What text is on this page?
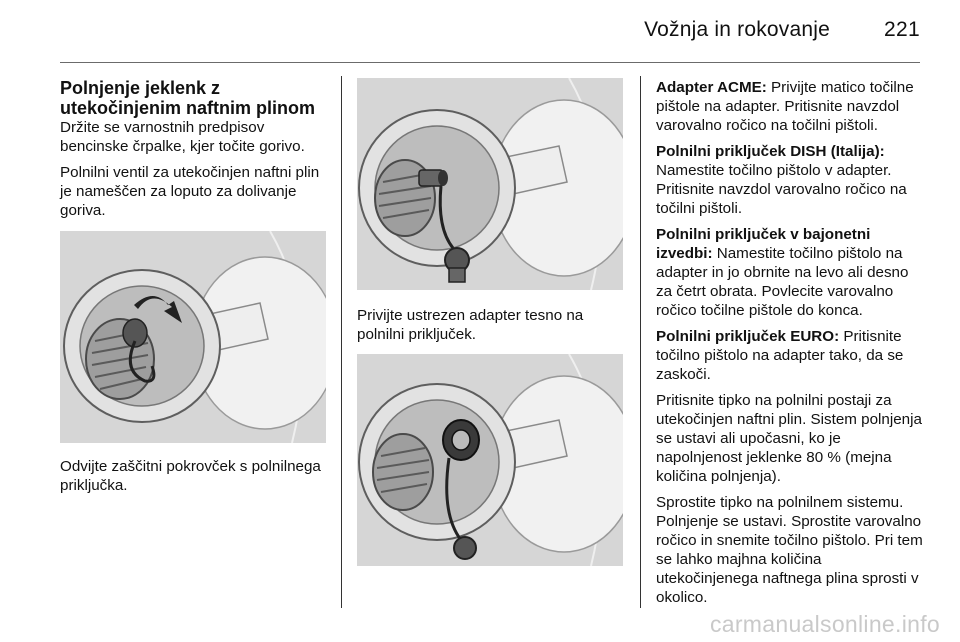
Vožnja in rokovanje	221
Polnjenje jeklenk z utekočinjenim naftnim plinom

Držite se varnostnih predpisov bencinske črpalke, kjer točite gorivo.

Polnilni ventil za utekočinjen naftni plin je nameščen za loputo za dolivanje goriva.

Odvijte zaščitni pokrovček s polnilnega priključka.

Privijte ustrezen adapter tesno na polnilni priključek.

Adapter ACME: Privijte matico točilne pištole na adapter. Pritisnite navzdol varovalno ročico na točilni pištoli.

Polnilni priključek DISH (Italija): Namestite točilno pištolo v adapter. Pritisnite navzdol varovalno ročico na točilni pištoli.

Polnilni priključek v bajonetni izvedbi: Namestite točilno pištolo na adapter in jo obrnite na levo ali desno za četrt obrata. Povlecite varovalno ročico točilne pištole do konca.

Polnilni priključek EURO: Pritisnite točilno pištolo na adapter tako, da se zaskoči.

Pritisnite tipko na polnilni postaji za utekočinjen naftni plin. Sistem polnjenja se ustavi ali upočasni, ko je napolnjenost jeklenke 80 % (mejna količina polnjenja).

Sprostite tipko na polnilnem sistemu. Polnjenje se ustavi. Sprostite varovalno ročico in snemite točilno pištolo. Pri tem se lahko majhna količina utekočinjenega naftnega plina sprosti v okolico.

carmanualsonline.info
